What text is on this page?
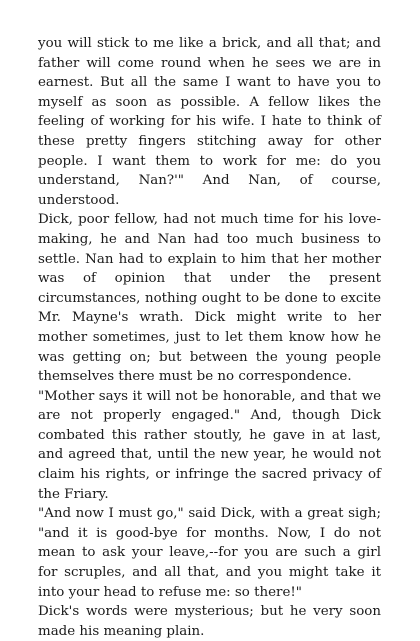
you will stick to me like a brick, and all that; and father will come round when he sees we are in earnest. But all the same I want to have you to myself as soon as possible. A fellow likes the feeling of working for his wife. I hate to think of these pretty fingers stitching away for other people. I want them to work for me: do you understand, Nan?'" And Nan, of course, understood.

Dick, poor fellow, had not much time for his love-making, he and Nan had too much business to settle. Nan had to explain to him that her mother was of opinion that under the present circumstances, nothing ought to be done to excite Mr. Mayne's wrath. Dick might write to her mother sometimes, just to let them know how he was getting on; but between the young people themselves there must be no correspondence.

"Mother says it will not be honorable, and that we are not properly engaged." And, though Dick combated this rather stoutly, he gave in at last, and agreed that, until the new year, he would not claim his rights, or infringe the sacred privacy of the Friary.

"And now I must go," said Dick, with a great sigh; "and it is good-bye for months. Now, I do not mean to ask your leave,--for you are such a girl for scruples, and all that, and you might take it into your head to refuse me: so there!"

Dick's words were mysterious; but he very soon made his meaning plain.
